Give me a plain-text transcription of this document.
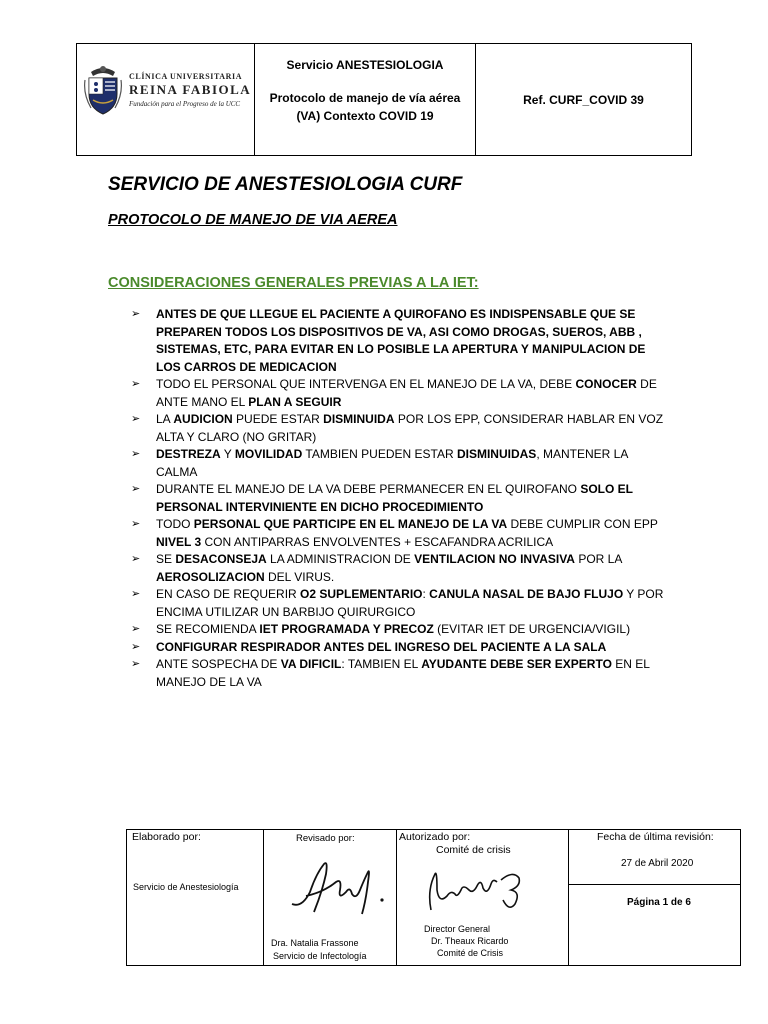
CLÍNICA UNIVERSITARIA
REINA FABIOLA
Fundación para el Progreso de la UCC
Servicio ANESTESIOLOGIA
Protocolo de manejo de vía aérea (VA) Contexto COVID 19
Ref. CURF_COVID 39
SERVICIO DE ANESTESIOLOGIA CURF
PROTOCOLO DE MANEJO DE VIA AEREA
CONSIDERACIONES GENERALES PREVIAS A LA IET:
➢ ANTES DE QUE LLEGUE EL PACIENTE A QUIROFANO ES INDISPENSABLE QUE SE PREPAREN TODOS LOS DISPOSITIVOS DE VA, ASI COMO DROGAS, SUEROS, ABB , SISTEMAS, ETC, PARA EVITAR EN LO POSIBLE LA APERTURA Y MANIPULACION DE LOS CARROS DE MEDICACION
➢ TODO EL PERSONAL QUE INTERVENGA EN EL MANEJO DE LA VA, DEBE CONOCER DE ANTE MANO EL PLAN A SEGUIR
➢ LA AUDICION PUEDE ESTAR DISMINUIDA POR LOS EPP, CONSIDERAR HABLAR EN VOZ ALTA Y CLARO (NO GRITAR)
➢ DESTREZA Y MOVILIDAD TAMBIEN PUEDEN ESTAR DISMINUIDAS, MANTENER LA CALMA
➢ DURANTE EL MANEJO DE LA VA DEBE PERMANECER EN EL QUIROFANO SOLO EL PERSONAL INTERVINIENTE EN DICHO PROCEDIMIENTO
➢ TODO PERSONAL QUE PARTICIPE EN EL MANEJO DE LA VA DEBE CUMPLIR CON EPP NIVEL 3 CON ANTIPARRAS ENVOLVENTES + ESCAFANDRA ACRILICA
➢ SE DESACONSEJA LA ADMINISTRACION DE VENTILACION NO INVASIVA POR LA AEROSOLIZACION DEL VIRUS.
➢ EN CASO DE REQUERIR O2 SUPLEMENTARIO: CANULA NASAL DE BAJO FLUJO Y POR ENCIMA UTILIZAR UN BARBIJO QUIRURGICO
➢ SE RECOMIENDA IET PROGRAMADA Y PRECOZ (EVITAR IET DE URGENCIA/VIGIL)
➢ CONFIGURAR RESPIRADOR ANTES DEL INGRESO DEL PACIENTE A LA SALA
➢ ANTE SOSPECHA DE VA DIFICIL: TAMBIEN EL AYUDANTE DEBE SER EXPERTO EN EL MANEJO DE LA VA
Elaborado por:
Servicio de Anestesiología
Revisado por:
Dra. Natalia Frassone
Servicio de Infectología
Autorizado por:
Comité de crisis
Director General
Dr. Theaux Ricardo
Comité de Crisis
Fecha de última revisión:
27 de Abril 2020
Página 1 de 6
